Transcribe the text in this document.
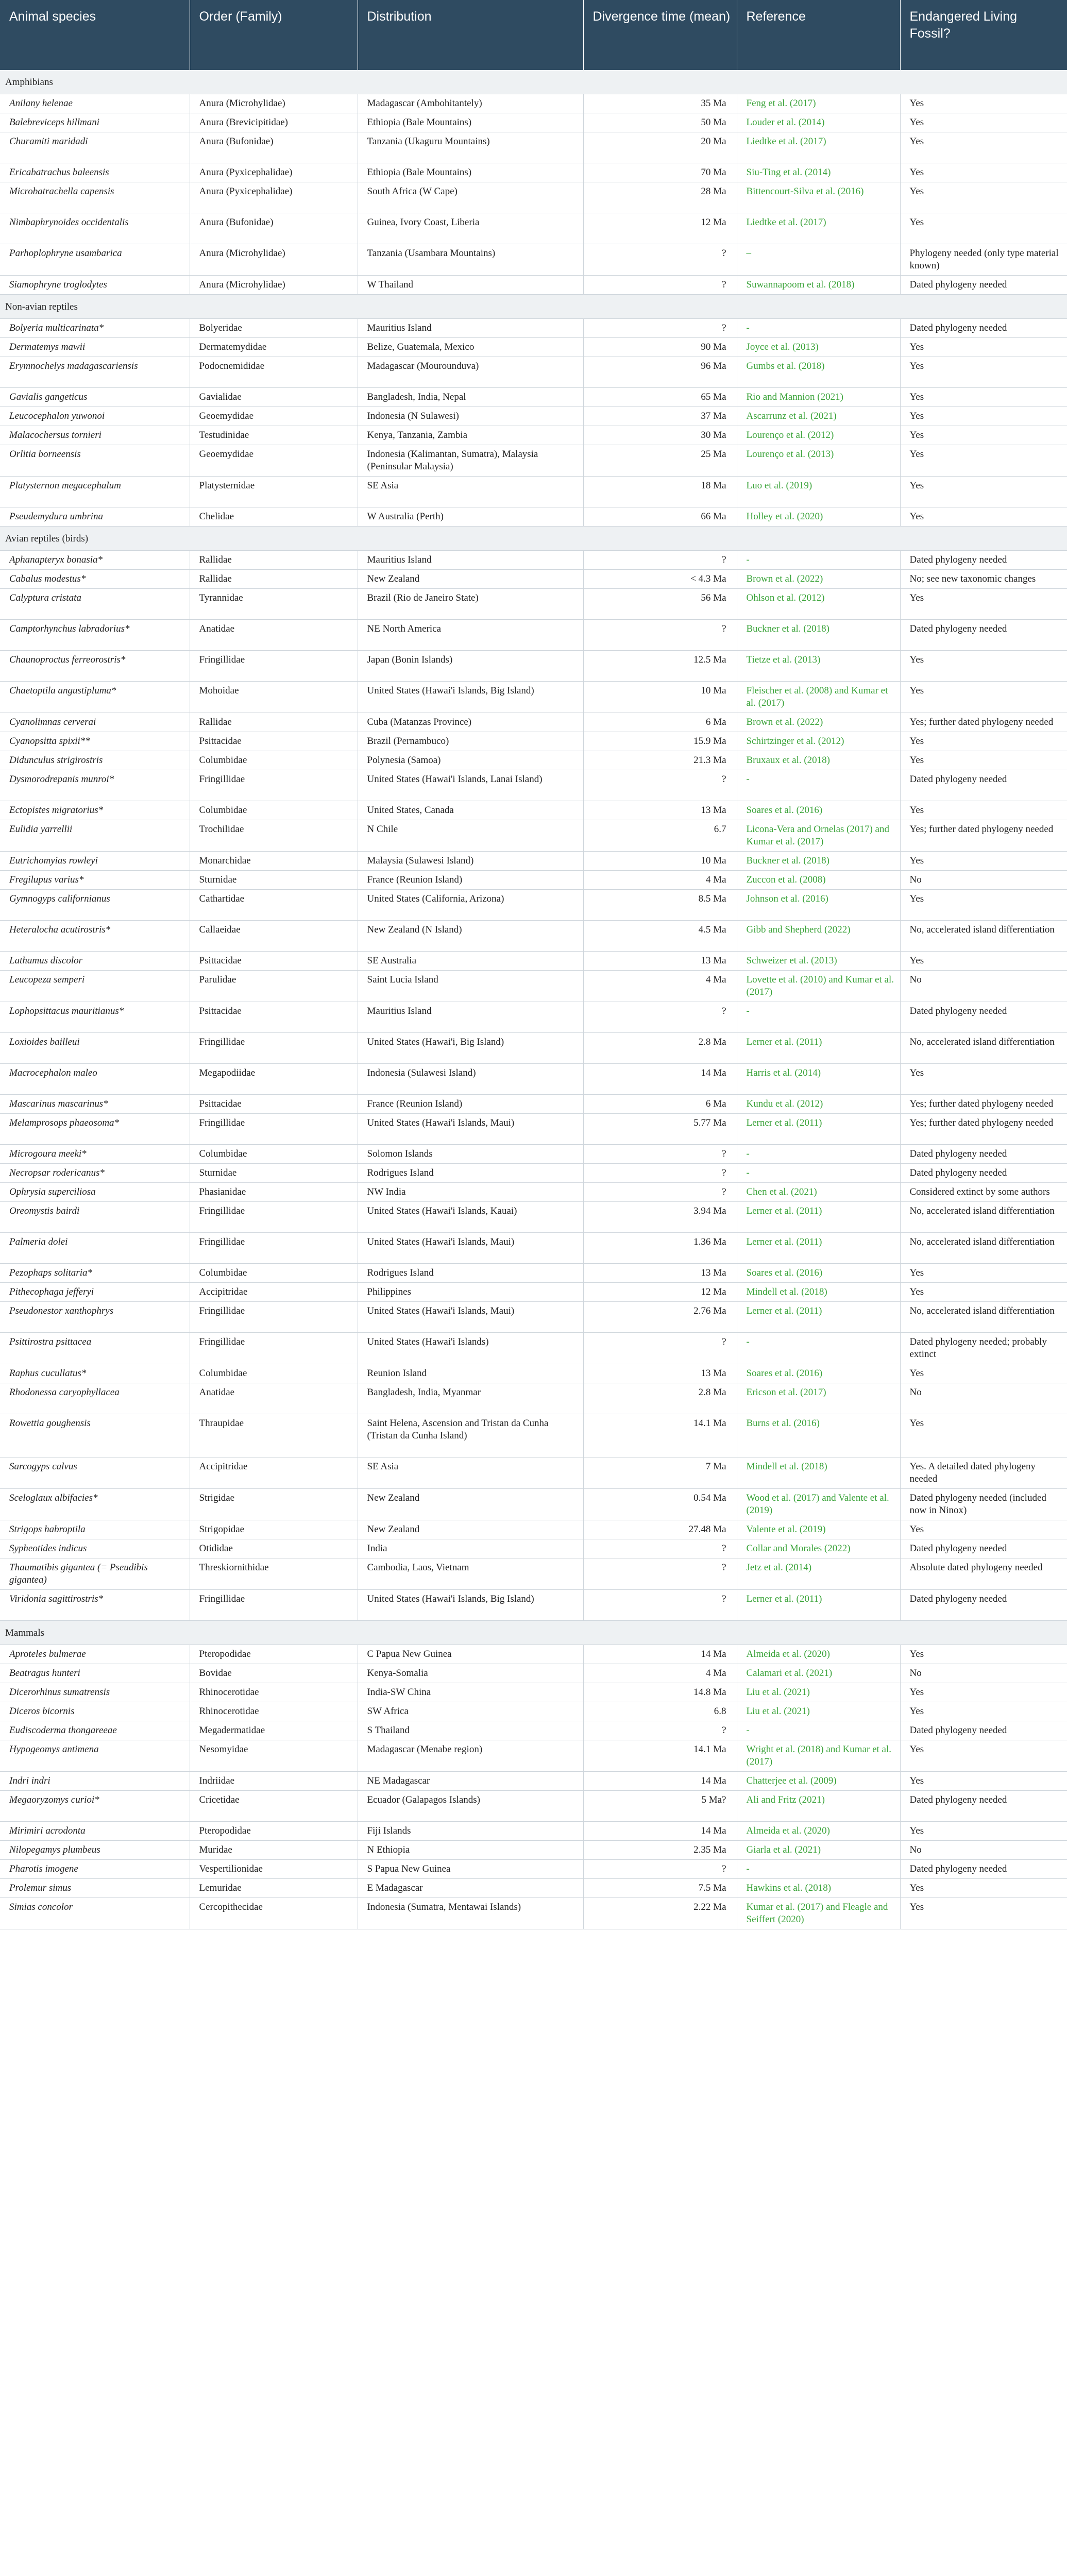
Animal species	Order (Family)	Distribution	Divergence time (mean)	Reference	Endangered Living Fossil?
Amphibians					
Anilany helenae	Anura (Microhylidae)	Madagascar (Ambohitantely)	35 Ma	Feng et al. (2017)	Yes
Balebreviceps hillmani	Anura (Brevicipitidae)	Ethiopia (Bale Mountains)	50 Ma	Louder et al. (2014)	Yes
Churamiti maridadi	Anura (Bufonidae)	Tanzania (Ukaguru Mountains)	20 Ma	Liedtke et al. (2017)	Yes
Ericabatrachus baleensis	Anura (Pyxicephalidae)	Ethiopia (Bale Mountains)	70 Ma	Siu-Ting et al. (2014)	Yes
Microbatrachella capensis	Anura (Pyxicephalidae)	South Africa (W Cape)	28 Ma	Bittencourt-Silva et al. (2016)	Yes
Nimbaphrynoides occidentalis	Anura (Bufonidae)	Guinea, Ivory Coast, Liberia	12 Ma	Liedtke et al. (2017)	Yes
Parhoplophryne usambarica	Anura (Microhylidae)	Tanzania (Usambara Mountains)	?	–	Phylogeny needed (only type material known)
Siamophryne troglodytes	Anura (Microhylidae)	W Thailand	?	Suwannapoom et al. (2018)	Dated phylogeny needed
Non-avian reptiles					
Bolyeria multicarinata*	Bolyeridae	Mauritius Island	?	-	Dated phylogeny needed
Dermatemys mawii	Dermatemydidae	Belize, Guatemala, Mexico	90 Ma	Joyce et al. (2013)	Yes
Erymnochelys madagascariensis	Podocnemididae	Madagascar (Mourounduva)	96 Ma	Gumbs et al. (2018)	Yes
Gavialis gangeticus	Gavialidae	Bangladesh, India, Nepal	65 Ma	Rio and Mannion (2021)	Yes
Leucocephalon yuwonoi	Geoemydidae	Indonesia (N Sulawesi)	37 Ma	Ascarrunz et al. (2021)	Yes
Malacochersus tornieri	Testudinidae	Kenya, Tanzania, Zambia	30 Ma	Lourenço et al. (2012)	Yes
Orlitia borneensis	Geoemydidae	Indonesia (Kalimantan, Sumatra), Malaysia (Peninsular Malaysia)	25 Ma	Lourenço et al. (2013)	Yes
Platysternon megacephalum	Platysternidae	SE Asia	18 Ma	Luo et al. (2019)	Yes
Pseudemydura umbrina	Chelidae	W Australia (Perth)	66 Ma	Holley et al. (2020)	Yes
Avian reptiles (birds)					
Aphanapteryx bonasia*	Rallidae	Mauritius Island	?	-	Dated phylogeny needed
Cabalus modestus*	Rallidae	New Zealand	< 4.3 Ma	Brown et al. (2022)	No; see new taxonomic changes
Calyptura cristata	Tyrannidae	Brazil (Rio de Janeiro State)	56 Ma	Ohlson et al. (2012)	Yes
Camptorhynchus labradorius*	Anatidae	NE North America	?	Buckner et al. (2018)	Dated phylogeny needed
Chaunoproctus ferreorostris*	Fringillidae	Japan (Bonin Islands)	12.5 Ma	Tietze et al. (2013)	Yes
Chaetoptila angustipluma*	Mohoidae	United States (Hawai'i Islands, Big Island)	10 Ma	Fleischer et al. (2008) and Kumar et al. (2017)	Yes
Cyanolimnas cerverai	Rallidae	Cuba (Matanzas Province)	6 Ma	Brown et al. (2022)	Yes; further dated phylogeny needed
Cyanopsitta spixii**	Psittacidae	Brazil (Pernambuco)	15.9 Ma	Schirtzinger et al. (2012)	Yes
Didunculus strigirostris	Columbidae	Polynesia (Samoa)	21.3 Ma	Bruxaux et al. (2018)	Yes
Dysmorodrepanis munroi*	Fringillidae	United States (Hawai'i Islands, Lanai Island)	?	-	Dated phylogeny needed
Ectopistes migratorius*	Columbidae	United States, Canada	13 Ma	Soares et al. (2016)	Yes
Eulidia yarrellii	Trochilidae	N Chile	6.7	Licona-Vera and Ornelas (2017) and Kumar et al. (2017)	Yes; further dated phylogeny needed
Eutrichomyias rowleyi	Monarchidae	Malaysia (Sulawesi Island)	10 Ma	Buckner et al. (2018)	Yes
Fregilupus varius*	Sturnidae	France (Reunion Island)	4 Ma	Zuccon et al. (2008)	No
Gymnogyps californianus	Cathartidae	United States (California, Arizona)	8.5 Ma	Johnson et al. (2016)	Yes
Heteralocha acutirostris*	Callaeidae	New Zealand (N Island)	4.5 Ma	Gibb and Shepherd (2022)	No, accelerated island differentiation
Lathamus discolor	Psittacidae	SE Australia	13 Ma	Schweizer et al. (2013)	Yes
Leucopeza semperi	Parulidae	Saint Lucia Island	4 Ma	Lovette et al. (2010) and Kumar et al. (2017)	No
Lophopsittacus mauritianus*	Psittacidae	Mauritius Island	?	-	Dated phylogeny needed
Loxioides bailleui	Fringillidae	United States (Hawai'i, Big Island)	2.8 Ma	Lerner et al. (2011)	No, accelerated island differentiation
Macrocephalon maleo	Megapodiidae	Indonesia (Sulawesi Island)	14 Ma	Harris et al. (2014)	Yes
Mascarinus mascarinus*	Psittacidae	France (Reunion Island)	6 Ma	Kundu et al. (2012)	Yes; further dated phylogeny needed
Melamprosops phaeosoma*	Fringillidae	United States (Hawai'i Islands, Maui)	5.77 Ma	Lerner et al. (2011)	Yes; further dated phylogeny needed
Microgoura meeki*	Columbidae	Solomon Islands	?	-	Dated phylogeny needed
Necropsar rodericanus*	Sturnidae	Rodrigues Island	?	-	Dated phylogeny needed
Ophrysia superciliosa	Phasianidae	NW India	?	Chen et al. (2021)	Considered extinct by some authors
Oreomystis bairdi	Fringillidae	United States (Hawai'i Islands, Kauai)	3.94 Ma	Lerner et al. (2011)	No, accelerated island differentiation
Palmeria dolei	Fringillidae	United States (Hawai'i Islands, Maui)	1.36 Ma	Lerner et al. (2011)	No, accelerated island differentiation
Pezophaps solitaria*	Columbidae	Rodrigues Island	13 Ma	Soares et al. (2016)	Yes
Pithecophaga jefferyi	Accipitridae	Philippines	12 Ma	Mindell et al. (2018)	Yes
Pseudonestor xanthophrys	Fringillidae	United States (Hawai'i Islands, Maui)	2.76 Ma	Lerner et al. (2011)	No, accelerated island differentiation
Psittirostra psittacea	Fringillidae	United States (Hawai'i Islands)	?	-	Dated phylogeny needed; probably extinct
Raphus cucullatus*	Columbidae	Reunion Island	13 Ma	Soares et al. (2016)	Yes
Rhodonessa caryophyllacea	Anatidae	Bangladesh, India, Myanmar	2.8 Ma	Ericson et al. (2017)	No
Rowettia goughensis	Thraupidae	Saint Helena, Ascension and Tristan da Cunha (Tristan da Cunha Island)	14.1 Ma	Burns et al. (2016)	Yes
Sarcogyps calvus	Accipitridae	SE Asia	7 Ma	Mindell et al. (2018)	Yes. A detailed dated phylogeny needed
Sceloglaux albifacies*	Strigidae	New Zealand	0.54 Ma	Wood et al. (2017) and Valente et al. (2019)	Dated phylogeny needed (included now in Ninox)
Strigops habroptila	Strigopidae	New Zealand	27.48 Ma	Valente et al. (2019)	Yes
Sypheotides indicus	Otididae	India	?	Collar and Morales (2022)	Dated phylogeny needed
Thaumatibis gigantea (= Pseudibis gigantea)	Threskiornithidae	Cambodia, Laos, Vietnam	?	Jetz et al. (2014)	Absolute dated phylogeny needed
Viridonia sagittirostris*	Fringillidae	United States (Hawai'i Islands, Big Island)	?	Lerner et al. (2011)	Dated phylogeny needed
Mammals					
Aproteles bulmerae	Pteropodidae	C Papua New Guinea	14 Ma	Almeida et al. (2020)	Yes
Beatragus hunteri	Bovidae	Kenya-Somalia	4 Ma	Calamari et al. (2021)	No
Dicerorhinus sumatrensis	Rhinocerotidae	India-SW China	14.8 Ma	Liu et al. (2021)	Yes
Diceros bicornis	Rhinocerotidae	SW Africa	6.8	Liu et al. (2021)	Yes
Eudiscoderma thongareeae	Megadermatidae	S Thailand	?	-	Dated phylogeny needed
Hypogeomys antimena	Nesomyidae	Madagascar (Menabe region)	14.1 Ma	Wright et al. (2018) and Kumar et al. (2017)	Yes
Indri indri	Indriidae	NE Madagascar	14 Ma	Chatterjee et al. (2009)	Yes
Megaoryzomys curioi*	Cricetidae	Ecuador (Galapagos Islands)	5 Ma?	Ali and Fritz (2021)	Dated phylogeny needed
Mirimiri acrodonta	Pteropodidae	Fiji Islands	14 Ma	Almeida et al. (2020)	Yes
Nilopegamys plumbeus	Muridae	N Ethiopia	2.35 Ma	Giarla et al. (2021)	No
Pharotis imogene	Vespertilionidae	S Papua New Guinea	?	-	Dated phylogeny needed
Prolemur simus	Lemuridae	E Madagascar	7.5 Ma	Hawkins et al. (2018)	Yes
Simias concolor	Cercopithecidae	Indonesia (Sumatra, Mentawai Islands)	2.22 Ma	Kumar et al. (2017) and Fleagle and Seiffert (2020)	Yes
